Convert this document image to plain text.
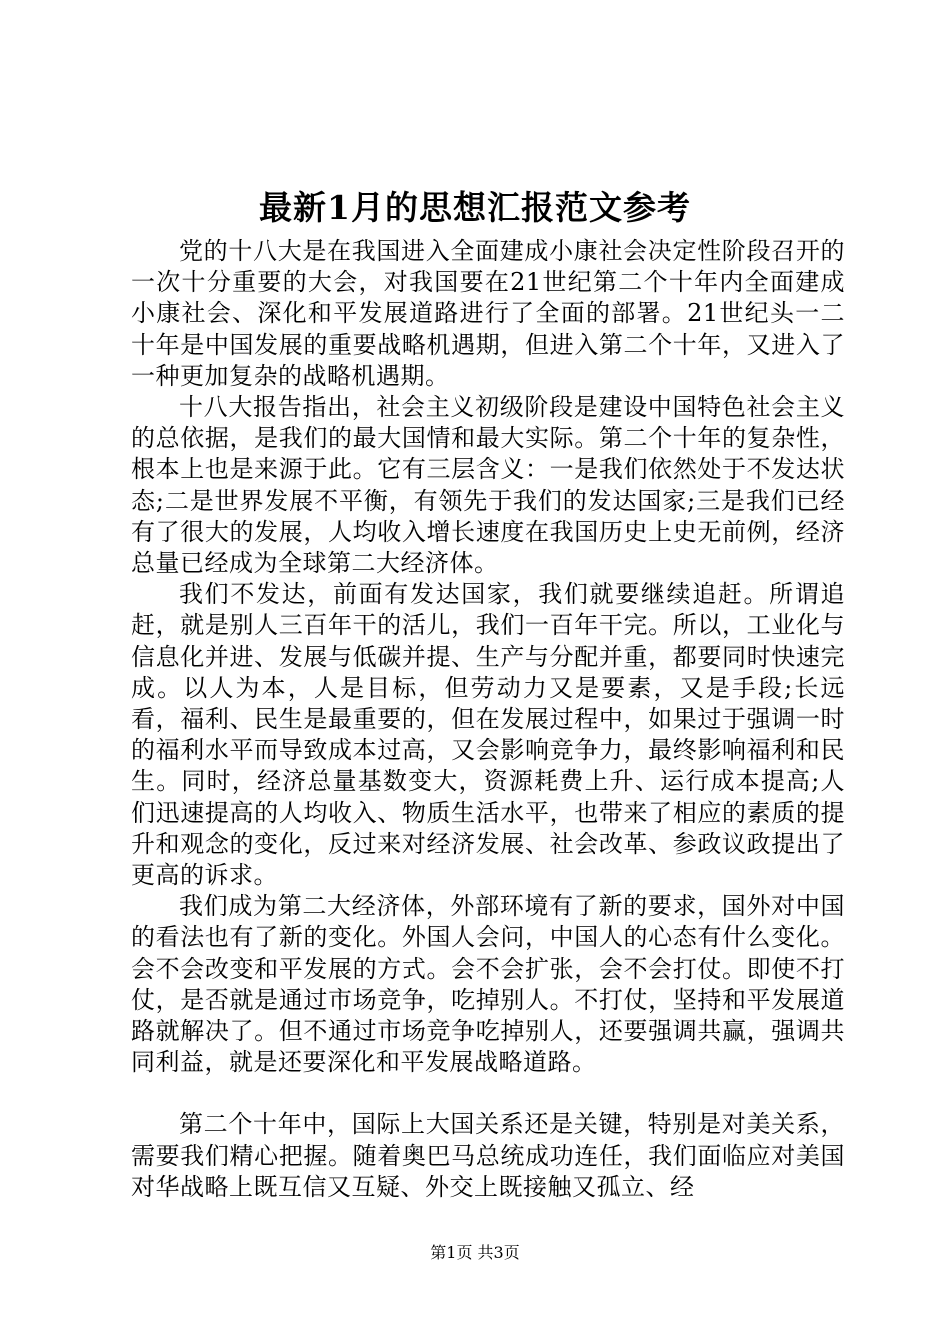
最新1月的思想汇报范文参考

党的十八大是在我国进入全面建成小康社会决定性阶段召开的一次十分重要的大会，对我国要在21世纪第二个十年内全面建成小康社会、深化和平发展道路进行了全面的部署。21世纪头一二十年是中国发展的重要战略机遇期，但进入第二个十年，又进入了一种更加复杂的战略机遇期。

十八大报告指出，社会主义初级阶段是建设中国特色社会主义的总依据，是我们的最大国情和最大实际。第二个十年的复杂性，根本上也是来源于此。它有三层含义：一是我们依然处于不发达状态;二是世界发展不平衡，有领先于我们的发达国家;三是我们已经有了很大的发展，人均收入增长速度在我国历史上史无前例，经济总量已经成为全球第二大经济体。

我们不发达，前面有发达国家，我们就要继续追赶。所谓追赶，就是别人三百年干的活儿，我们一百年干完。所以，工业化与信息化并进、发展与低碳并提、生产与分配并重，都要同时快速完成。以人为本，人是目标，但劳动力又是要素，又是手段;长远看，福利、民生是最重要的，但在发展过程中，如果过于强调一时的福利水平而导致成本过高，又会影响竞争力，最终影响福利和民生。同时，经济总量基数变大，资源耗费上升、运行成本提高;人们迅速提高的人均收入、物质生活水平，也带来了相应的素质的提升和观念的变化，反过来对经济发展、社会改革、参政议政提出了更高的诉求。

我们成为第二大经济体，外部环境有了新的要求，国外对中国的看法也有了新的变化。外国人会问，中国人的心态有什么变化。会不会改变和平发展的方式。会不会扩张，会不会打仗。即使不打仗，是否就是通过市场竞争，吃掉别人。不打仗，坚持和平发展道路就解决了。但不通过市场竞争吃掉别人，还要强调共赢，强调共同利益，就是还要深化和平发展战略道路。

第二个十年中，国际上大国关系还是关键，特别是对美关系，需要我们精心把握。随着奥巴马总统成功连任，我们面临应对美国对华战略上既互信又互疑、外交上既接触又孤立、经

第1页 共3页
